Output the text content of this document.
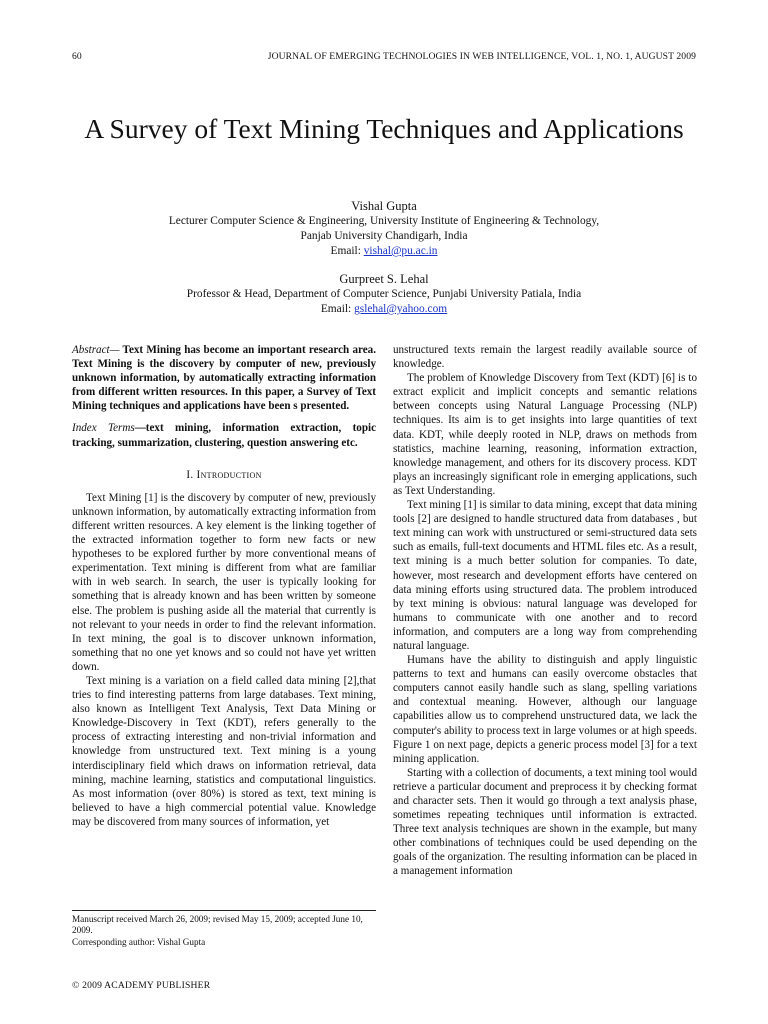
60	JOURNAL OF EMERGING TECHNOLOGIES IN WEB INTELLIGENCE, VOL. 1, NO. 1, AUGUST 2009
A Survey of Text Mining Techniques and Applications
Vishal Gupta
Lecturer Computer Science & Engineering, University Institute of Engineering & Technology,
Panjab University Chandigarh, India
Email: vishal@pu.ac.in
Gurpreet S. Lehal
Professor & Head, Department of Computer Science, Punjabi University Patiala, India
Email: gslehal@yahoo.com

Abstract— Text Mining has become an important research area. Text Mining is the discovery by computer of new, previously unknown information, by automatically extracting information from different written resources. In this paper, a Survey of Text Mining techniques and applications have been s presented.

Index Terms—text mining, information extraction, topic tracking, summarization, clustering, question answering etc.

I. Introduction

Text Mining [1] is the discovery by computer of new, previously unknown information, by automatically extracting information from different written resources. A key element is the linking together of the extracted information together to form new facts or new hypotheses to be explored further by more conventional means of experimentation. Text mining is different from what are familiar with in web search. In search, the user is typically looking for something that is already known and has been written by someone else. The problem is pushing aside all the material that currently is not relevant to your needs in order to find the relevant information. In text mining, the goal is to discover unknown information, something that no one yet knows and so could not have yet written down.

Text mining is a variation on a field called data mining [2],that tries to find interesting patterns from large databases. Text mining, also known as Intelligent Text Analysis, Text Data Mining or Knowledge-Discovery in Text (KDT), refers generally to the process of extracting interesting and non-trivial information and knowledge from unstructured text. Text mining is a young interdisciplinary field which draws on information retrieval, data mining, machine learning, statistics and computational linguistics. As most information (over 80%) is stored as text, text mining is believed to have a high commercial potential value. Knowledge may be discovered from many sources of information, yet

unstructured texts remain the largest readily available source of knowledge.

The problem of Knowledge Discovery from Text (KDT) [6] is to extract explicit and implicit concepts and semantic relations between concepts using Natural Language Processing (NLP) techniques. Its aim is to get insights into large quantities of text data. KDT, while deeply rooted in NLP, draws on methods from statistics, machine learning, reasoning, information extraction, knowledge management, and others for its discovery process. KDT plays an increasingly significant role in emerging applications, such as Text Understanding.

Text mining [1] is similar to data mining, except that data mining tools [2] are designed to handle structured data from databases , but text mining can work with unstructured or semi-structured data sets such as emails, full-text documents and HTML files etc. As a result, text mining is a much better solution for companies. To date, however, most research and development efforts have centered on data mining efforts using structured data. The problem introduced by text mining is obvious: natural language was developed for humans to communicate with one another and to record information, and computers are a long way from comprehending natural language.

Humans have the ability to distinguish and apply linguistic patterns to text and humans can easily overcome obstacles that computers cannot easily handle such as slang, spelling variations and contextual meaning. However, although our language capabilities allow us to comprehend unstructured data, we lack the computer's ability to process text in large volumes or at high speeds. Figure 1 on next page, depicts a generic process model [3] for a text mining application.

Starting with a collection of documents, a text mining tool would retrieve a particular document and preprocess it by checking format and character sets. Then it would go through a text analysis phase, sometimes repeating techniques until information is extracted. Three text analysis techniques are shown in the example, but many other combinations of techniques could be used depending on the goals of the organization. The resulting information can be placed in a management information

Manuscript received March 26, 2009; revised May 15, 2009; accepted June 10, 2009.
Corresponding author: Vishal Gupta
© 2009 ACADEMY PUBLISHER
